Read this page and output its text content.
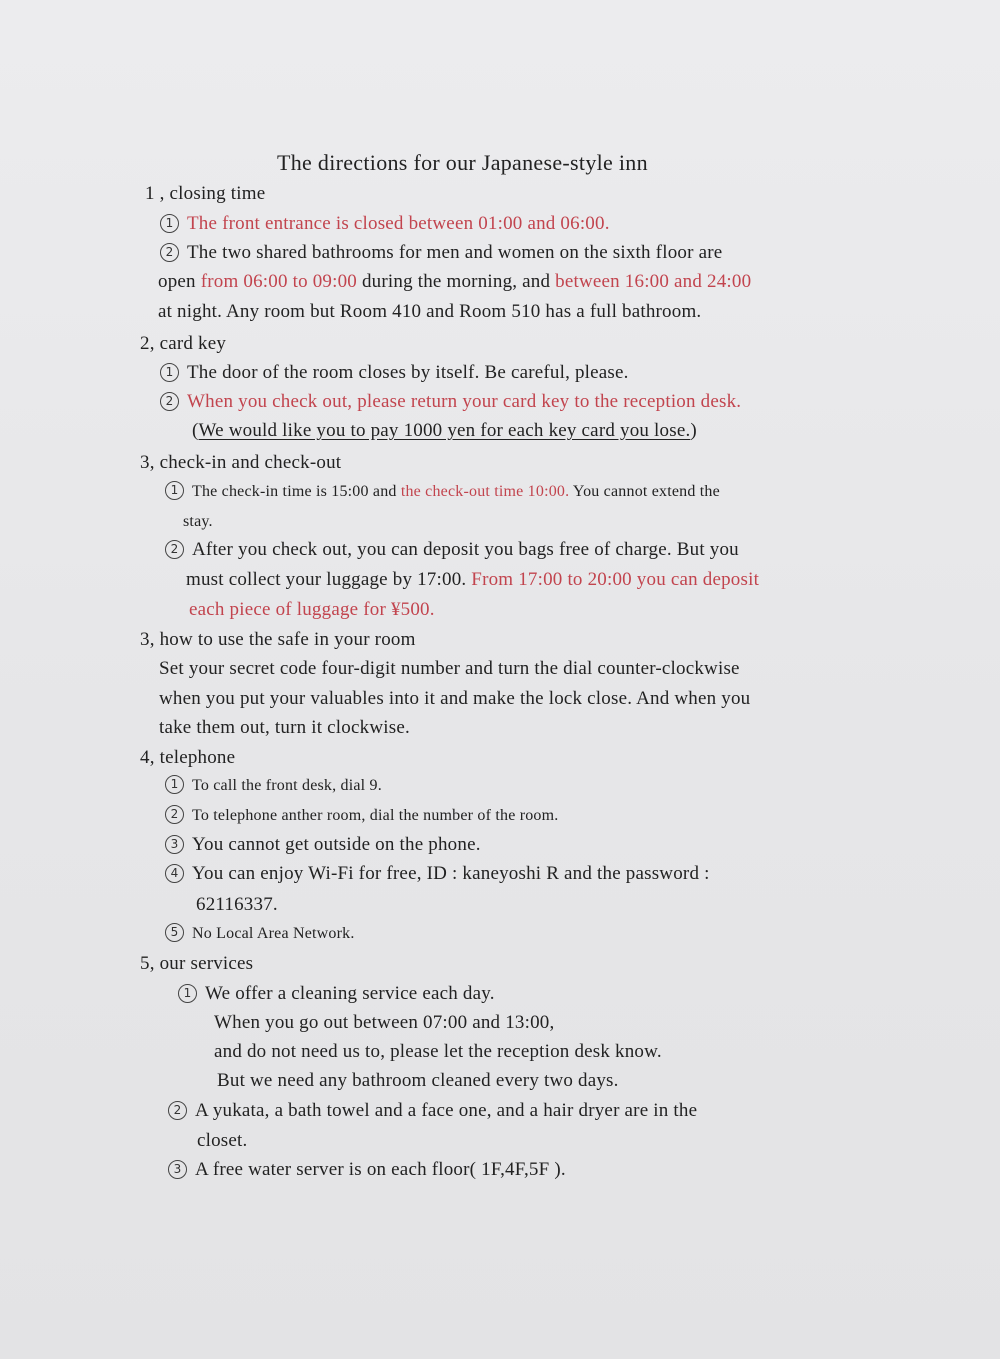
The directions for our Japanese-style inn
1 , closing time
1 The front entrance is closed between 01:00 and 06:00.
2 The two shared bathrooms for men and women on the sixth floor are
open from 06:00 to 09:00 during the morning, and between 16:00 and 24:00
at night. Any room but Room 410 and Room 510 has a full bathroom.
2, card key
1 The door of the room closes by itself. Be careful, please.
2 When you check out, please return your card key to the reception desk.
(We would like you to pay 1000 yen for each key card you lose.)
3, check-in and check-out
1 The check-in time is 15:00 and the check-out time 10:00. You cannot extend the
stay.
2 After you check out, you can deposit you bags free of charge. But you
must collect your luggage by 17:00. From 17:00 to 20:00 you can deposit
each piece of luggage for ¥500.
3, how to use the safe in your room
Set your secret code four-digit number and turn the dial counter-clockwise
when you put your valuables into it and make the lock close. And when you
take them out, turn it clockwise.
4, telephone
1 To call the front desk, dial 9.
2 To telephone anther room, dial the number of the room.
3 You cannot get outside on the phone.
4 You can enjoy Wi-Fi for free, ID : kaneyoshi R and the password :
62116337.
5 No Local Area Network.
5, our services
1 We offer a cleaning service each day.
When you go out between 07:00 and 13:00,
and do not need us to, please let the reception desk know.
But we need any bathroom cleaned every two days.
2 A yukata, a bath towel and a face one, and a hair dryer are in the
closet.
3 A free water server is on each floor( 1F,4F,5F ).
